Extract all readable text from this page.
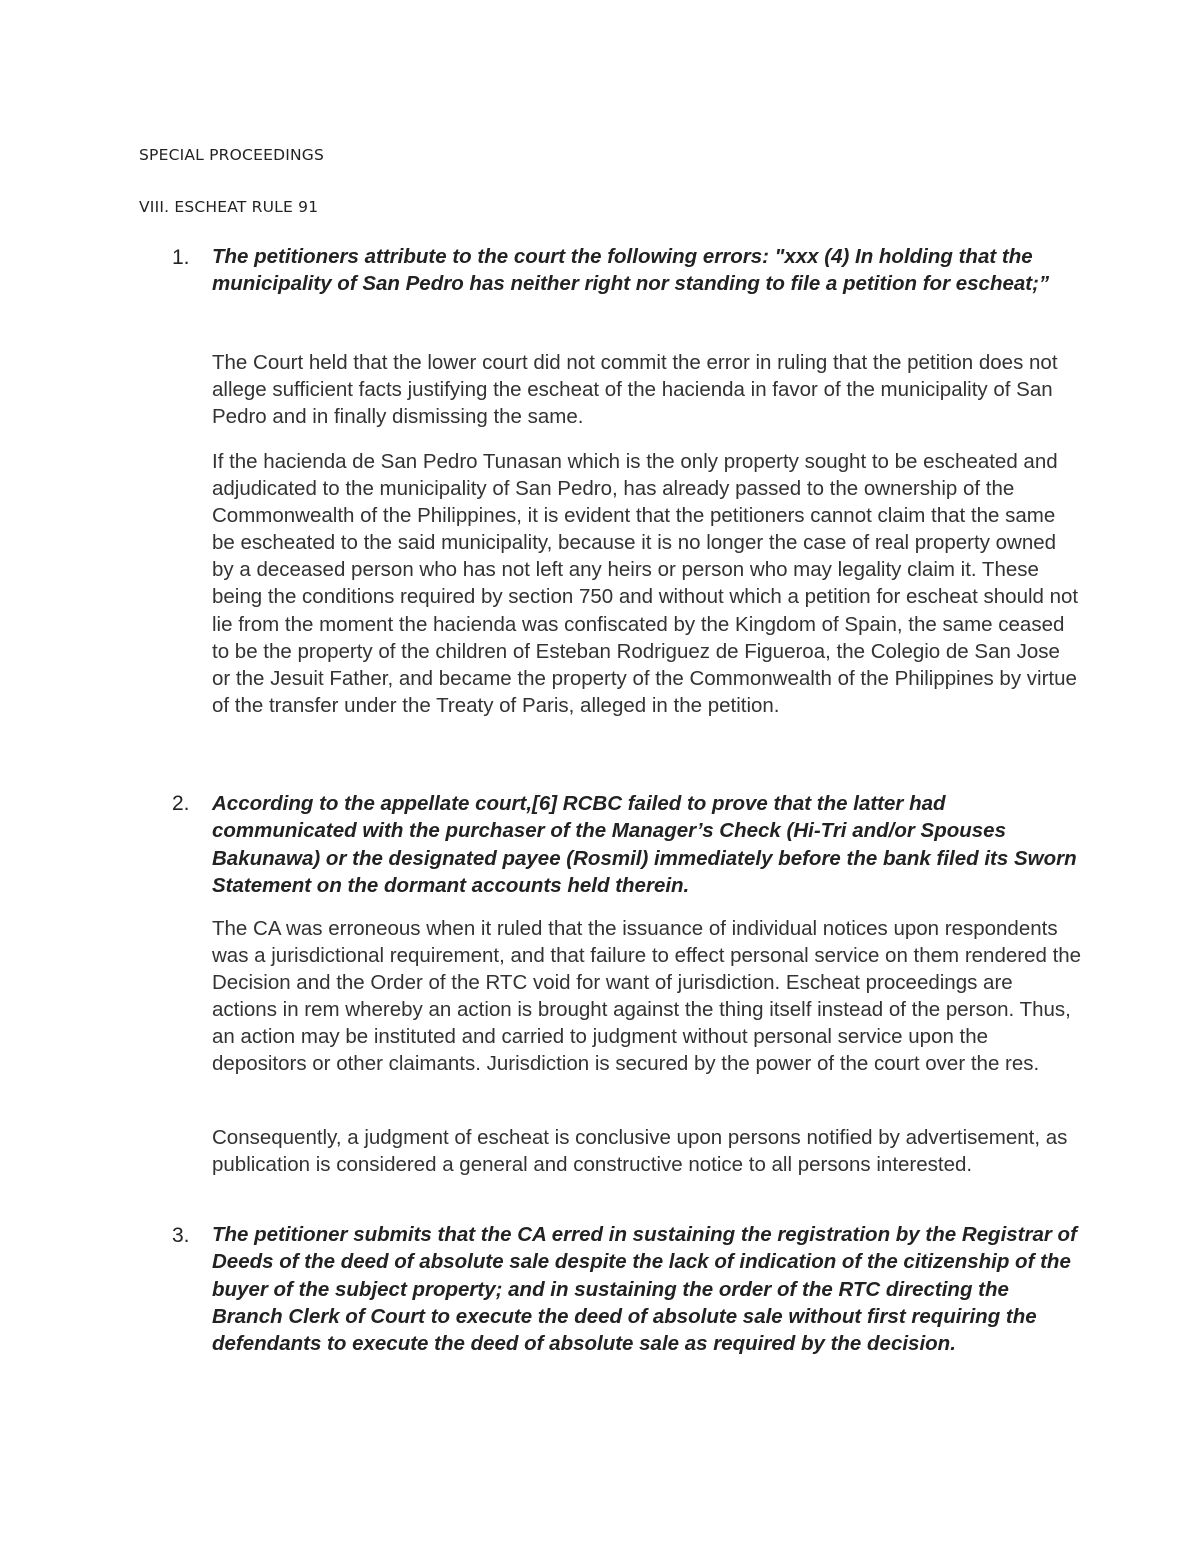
SPECIAL PROCEEDINGS
VIII. ESCHEAT RULE 91
1. The petitioners attribute to the court the following errors: "xxx (4) In holding that the municipality of San Pedro has neither right nor standing to file a petition for escheat;”

The Court held that the lower court did not commit the error in ruling that the petition does not allege sufficient facts justifying the escheat of the hacienda in favor of the municipality of San Pedro and in finally dismissing the same.

If the hacienda de San Pedro Tunasan which is the only property sought to be escheated and adjudicated to the municipality of San Pedro, has already passed to the ownership of the Commonwealth of the Philippines, it is evident that the petitioners cannot claim that the same be escheated to the said municipality, because it is no longer the case of real property owned by a deceased person who has not left any heirs or person who may legality claim it. These being the conditions required by section 750 and without which a petition for escheat should not lie from the moment the hacienda was confiscated by the Kingdom of Spain, the same ceased to be the property of the children of Esteban Rodriguez de Figueroa, the Colegio de San Jose or the Jesuit Father, and became the property of the Commonwealth of the Philippines by virtue of the transfer under the Treaty of Paris, alleged in the petition.

2. According to the appellate court,[6] RCBC failed to prove that the latter had communicated with the purchaser of the Manager’s Check (Hi-Tri and/or Spouses Bakunawa) or the designated payee (Rosmil) immediately before the bank filed its Sworn Statement on the dormant accounts held therein.

The CA was erroneous when it ruled that the issuance of individual notices upon respondents was a jurisdictional requirement, and that failure to effect personal service on them rendered the Decision and the Order of the RTC void for want of jurisdiction. Escheat proceedings are actions in rem whereby an action is brought against the thing itself instead of the person. Thus, an action may be instituted and carried to judgment without personal service upon the depositors or other claimants. Jurisdiction is secured by the power of the court over the res.

Consequently, a judgment of escheat is conclusive upon persons notified by advertisement, as publication is considered a general and constructive notice to all persons interested.

3. The petitioner submits that the CA erred in sustaining the registration by the Registrar of Deeds of the deed of absolute sale despite the lack of indication of the citizenship of the buyer of the subject property; and in sustaining the order of the RTC directing the Branch Clerk of Court to execute the deed of absolute sale without first requiring the defendants to execute the deed of absolute sale as required by the decision.
